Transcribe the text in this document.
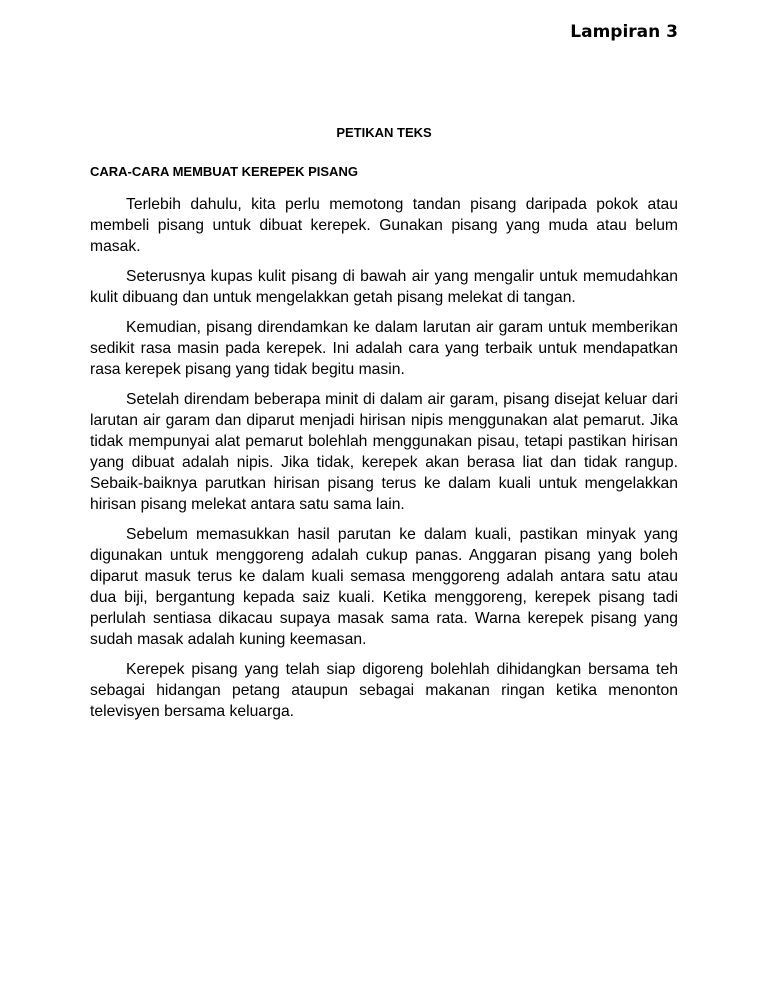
Lampiran 3

PETIKAN TEKS

CARA-CARA MEMBUAT KEREPEK PISANG

Terlebih dahulu, kita perlu memotong tandan pisang daripada pokok atau membeli pisang untuk dibuat kerepek. Gunakan pisang yang muda atau belum masak.

Seterusnya kupas kulit pisang di bawah air yang mengalir untuk memudahkan kulit dibuang dan untuk mengelakkan getah pisang melekat di tangan.

Kemudian, pisang direndamkan ke dalam larutan air garam untuk memberikan sedikit rasa masin pada kerepek. Ini adalah cara yang terbaik untuk mendapatkan rasa kerepek pisang yang tidak begitu masin.

Setelah direndam beberapa minit di dalam air garam, pisang disejat keluar dari larutan air garam dan diparut menjadi hirisan nipis menggunakan alat pemarut. Jika tidak mempunyai alat pemarut bolehlah menggunakan pisau, tetapi pastikan hirisan yang dibuat adalah nipis. Jika tidak, kerepek akan berasa liat dan tidak rangup. Sebaik-baiknya parutkan hirisan pisang terus ke dalam kuali untuk mengelakkan hirisan pisang melekat antara satu sama lain.

Sebelum memasukkan hasil parutan ke dalam kuali, pastikan minyak yang digunakan untuk menggoreng adalah cukup panas. Anggaran pisang yang boleh diparut masuk terus ke dalam kuali semasa menggoreng adalah antara satu atau dua biji, bergantung kepada saiz kuali. Ketika menggoreng, kerepek pisang tadi perlulah sentiasa dikacau supaya masak sama rata. Warna kerepek pisang yang sudah masak adalah kuning keemasan.

Kerepek pisang yang telah siap digoreng bolehlah dihidangkan bersama teh sebagai hidangan petang ataupun sebagai makanan ringan ketika menonton televisyen bersama keluarga.
